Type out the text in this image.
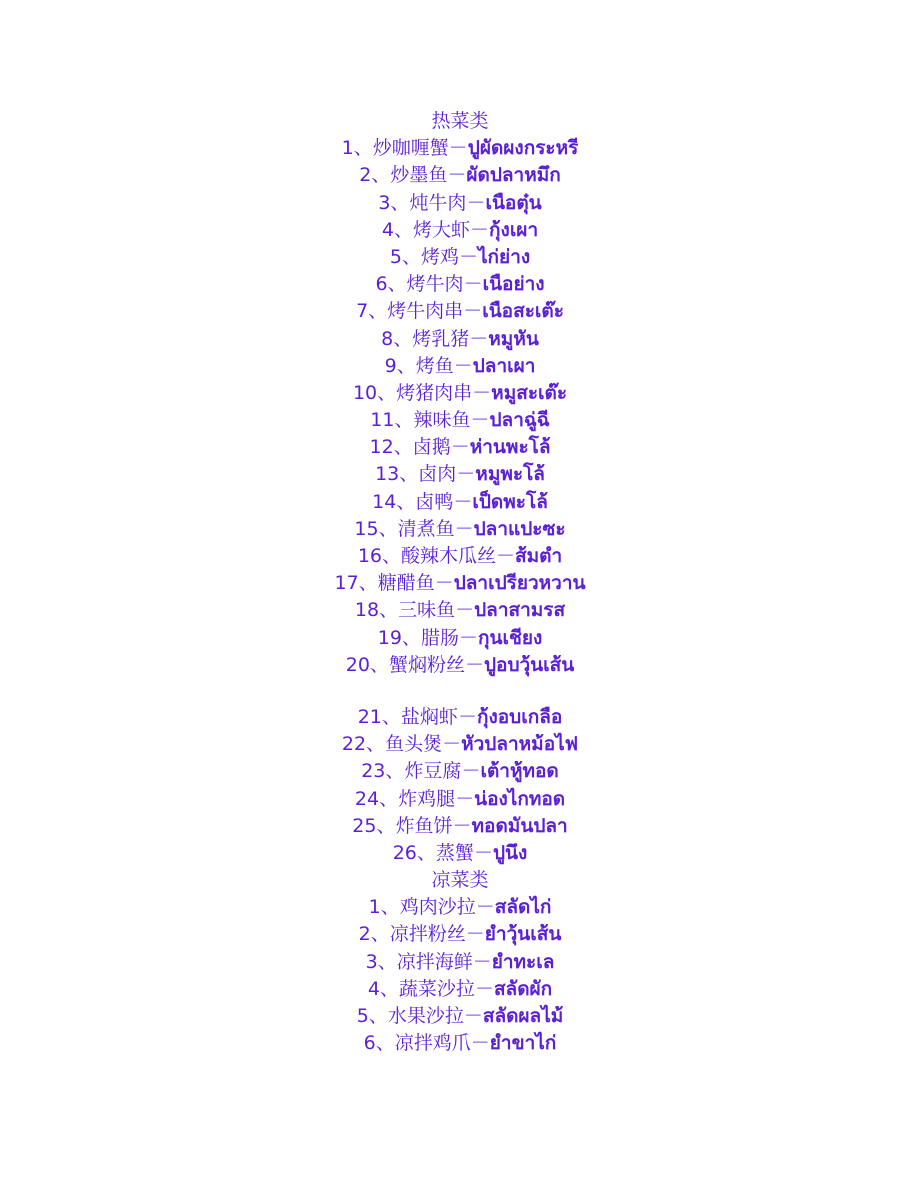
热菜类
1、炒咖喱蟹－ปูผัดผงกระหรี
2、炒墨鱼－ผัดปลาหมึก
3、炖牛肉－เนือตุ๋น
4、烤大虾－กุ้งเผา
5、烤鸡－ไก่ย่าง
6、烤牛肉－เนือย่าง
7、烤牛肉串－เนือสะเต๊ะ
8、烤乳猪－หมูหัน
9、烤鱼－ปลาเผา
10、烤猪肉串－หมูสะเต๊ะ
11、辣味鱼－ปลาฉู่ฉี
12、卤鹅－ห่านพะโล้
13、卤肉－หมูพะโล้
14、卤鸭－เป็ดพะโล้
15、清煮鱼－ปลาแปะซะ
16、酸辣木瓜丝－ส้มตำ
17、糖醋鱼－ปลาเปรียวหวาน
18、三味鱼－ปลาสามรส
19、腊肠－กุนเชียง
20、蟹焖粉丝－ปูอบวุ้นเส้น
21、盐焖虾－กุ้งอบเกลือ
22、鱼头煲－หัวปลาหม้อไฟ
23、炸豆腐－เต้าหู้ทอด
24、炸鸡腿－น่องไกทอด
25、炸鱼饼－ทอดมันปลา
26、蒸蟹－ปูนึง
凉菜类
1、鸡肉沙拉－สลัดไก่
2、凉拌粉丝－ยำวุ้นเส้น
3、凉拌海鲜－ยำทะเล
4、蔬菜沙拉－สลัดผัก
5、水果沙拉－สลัดผลไม้
6、凉拌鸡爪－ยำขาไก่
